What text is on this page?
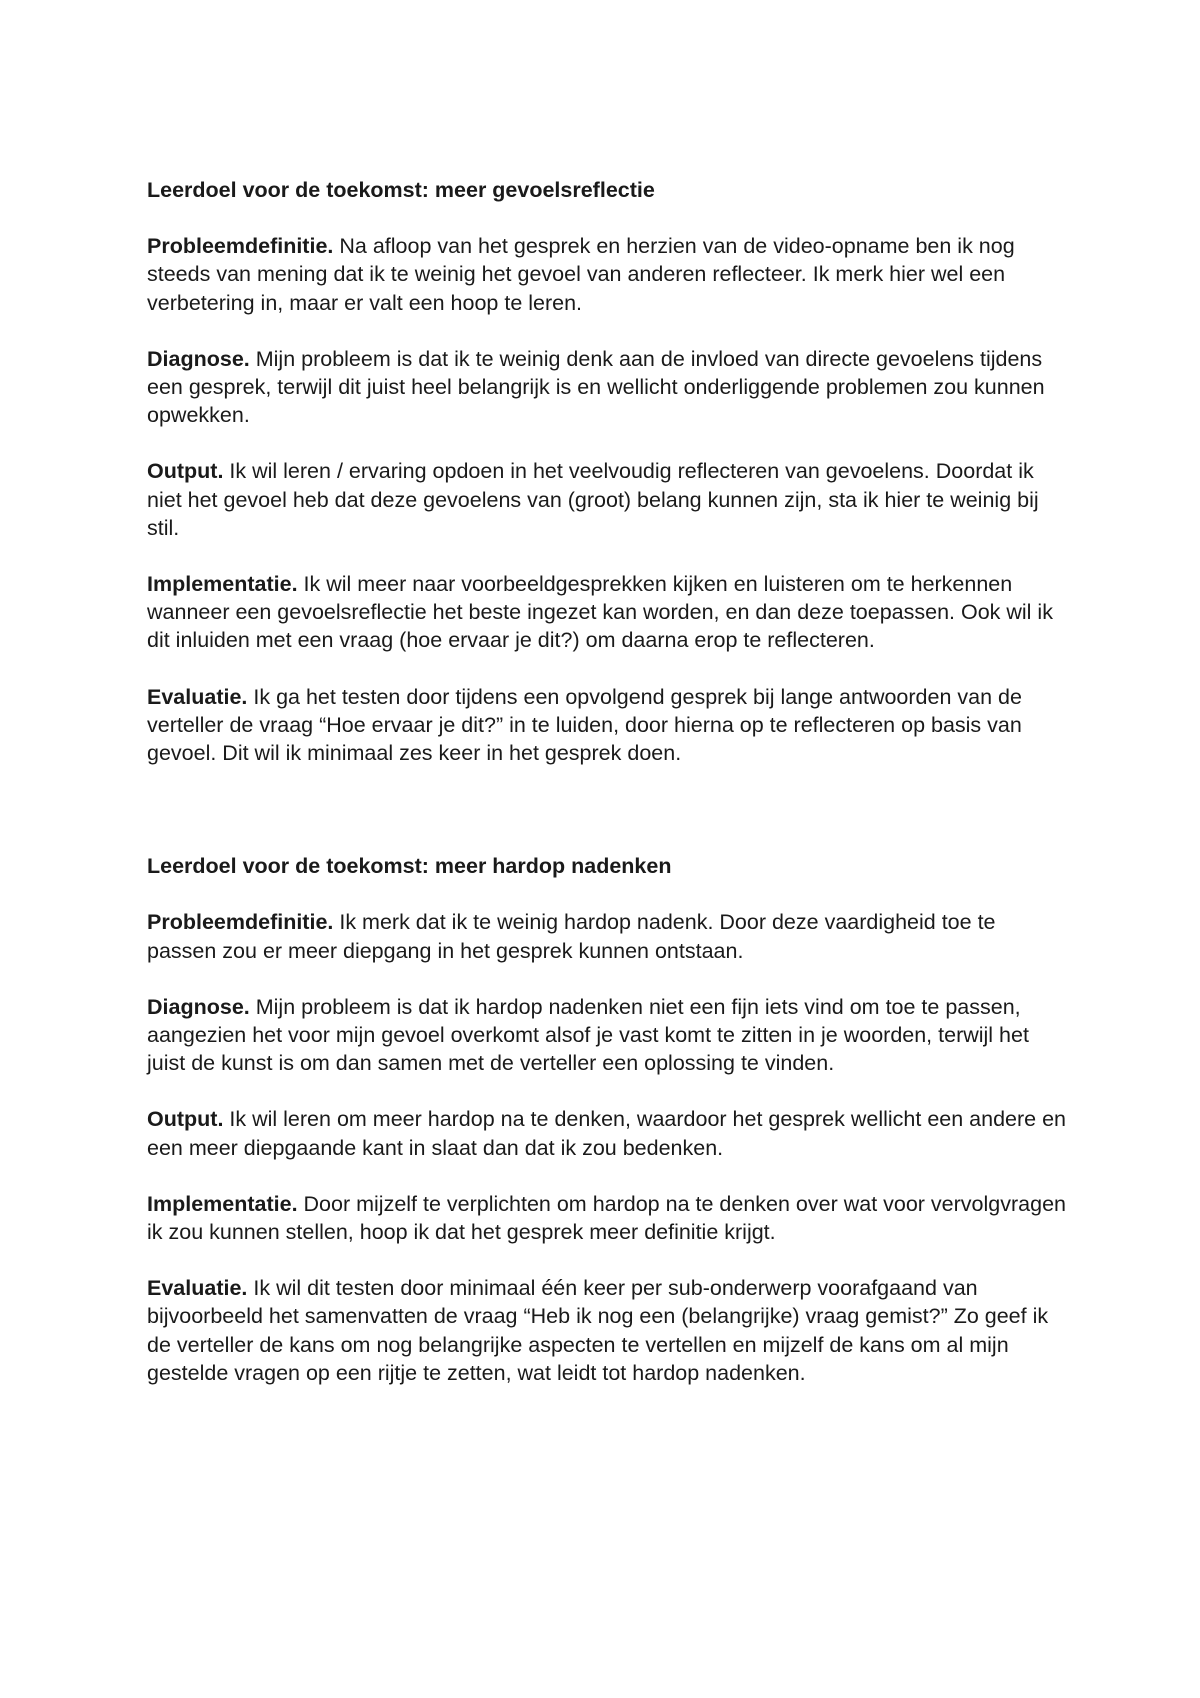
Leerdoel voor de toekomst: meer gevoelsreflectie

Probleemdefinitie. Na afloop van het gesprek en herzien van de video-opname ben ik nog steeds van mening dat ik te weinig het gevoel van anderen reflecteer. Ik merk hier wel een verbetering in, maar er valt een hoop te leren.

Diagnose. Mijn probleem is dat ik te weinig denk aan de invloed van directe gevoelens tijdens een gesprek, terwijl dit juist heel belangrijk is en wellicht onderliggende problemen zou kunnen opwekken.

Output. Ik wil leren / ervaring opdoen in het veelvoudig reflecteren van gevoelens. Doordat ik niet het gevoel heb dat deze gevoelens van (groot) belang kunnen zijn, sta ik hier te weinig bij stil.

Implementatie. Ik wil meer naar voorbeeldgesprekken kijken en luisteren om te herkennen wanneer een gevoelsreflectie het beste ingezet kan worden, en dan deze toepassen. Ook wil ik dit inluiden met een vraag (hoe ervaar je dit?) om daarna erop te reflecteren.

Evaluatie. Ik ga het testen door tijdens een opvolgend gesprek bij lange antwoorden van de verteller de vraag “Hoe ervaar je dit?” in te luiden, door hierna op te reflecteren op basis van gevoel. Dit wil ik minimaal zes keer in het gesprek doen.

Leerdoel voor de toekomst: meer hardop nadenken

Probleemdefinitie. Ik merk dat ik te weinig hardop nadenk. Door deze vaardigheid toe te passen zou er meer diepgang in het gesprek kunnen ontstaan.

Diagnose. Mijn probleem is dat ik hardop nadenken niet een fijn iets vind om toe te passen, aangezien het voor mijn gevoel overkomt alsof je vast komt te zitten in je woorden, terwijl het juist de kunst is om dan samen met de verteller een oplossing te vinden.

Output. Ik wil leren om meer hardop na te denken, waardoor het gesprek wellicht een andere en een meer diepgaande kant in slaat dan dat ik zou bedenken.

Implementatie. Door mijzelf te verplichten om hardop na te denken over wat voor vervolgvragen ik zou kunnen stellen, hoop ik dat het gesprek meer definitie krijgt.

Evaluatie. Ik wil dit testen door minimaal één keer per sub-onderwerp voorafgaand van bijvoorbeeld het samenvatten de vraag “Heb ik nog een (belangrijke) vraag gemist?” Zo geef ik de verteller de kans om nog belangrijke aspecten te vertellen en mijzelf de kans om al mijn gestelde vragen op een rijtje te zetten, wat leidt tot hardop nadenken.
